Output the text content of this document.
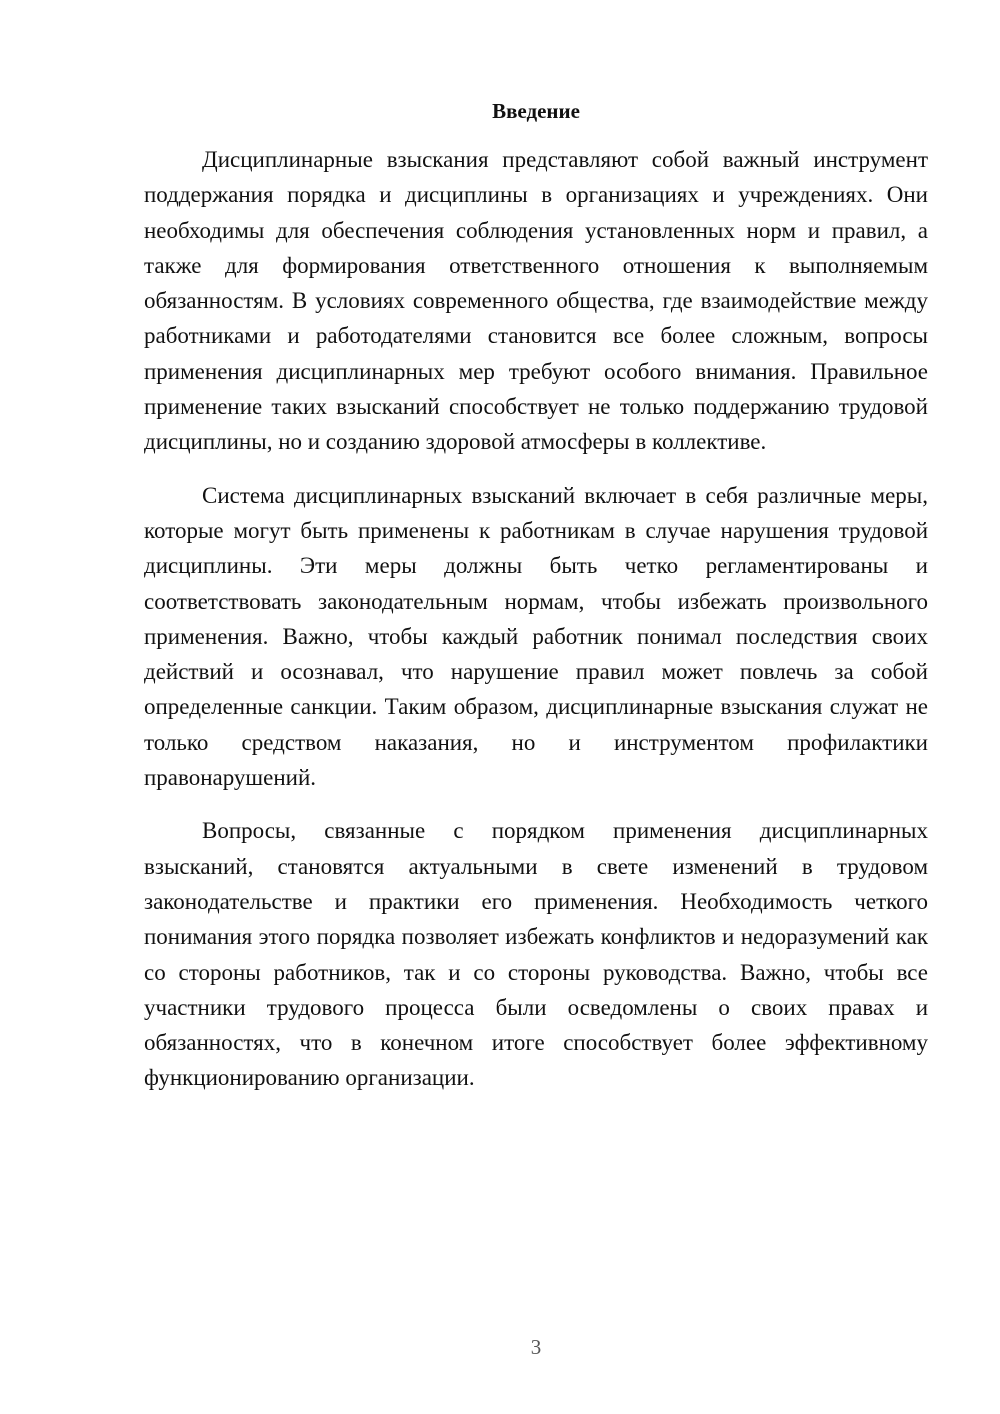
Введение

Дисциплинарные взыскания представляют собой важный инструмент поддержания порядка и дисциплины в организациях и учреждениях. Они необходимы для обеспечения соблюдения установленных норм и правил, а также для формирования ответственного отношения к выполняемым обязанностям. В условиях современного общества, где взаимодействие между работниками и работодателями становится все более сложным, вопросы применения дисциплинарных мер требуют особого внимания. Правильное применение таких взысканий способствует не только поддержанию трудовой дисциплины, но и созданию здоровой атмосферы в коллективе.

Система дисциплинарных взысканий включает в себя различные меры, которые могут быть применены к работникам в случае нарушения трудовой дисциплины. Эти меры должны быть четко регламентированы и соответствовать законодательным нормам, чтобы избежать произвольного применения. Важно, чтобы каждый работник понимал последствия своих действий и осознавал, что нарушение правил может повлечь за собой определенные санкции. Таким образом, дисциплинарные взыскания служат не только средством наказания, но и инструментом профилактики правонарушений.

Вопросы, связанные с порядком применения дисциплинарных взысканий, становятся актуальными в свете изменений в трудовом законодательстве и практики его применения. Необходимость четкого понимания этого порядка позволяет избежать конфликтов и недоразумений как со стороны работников, так и со стороны руководства. Важно, чтобы все участники трудового процесса были осведомлены о своих правах и обязанностях, что в конечном итоге способствует более эффективному функционированию организации.

3
